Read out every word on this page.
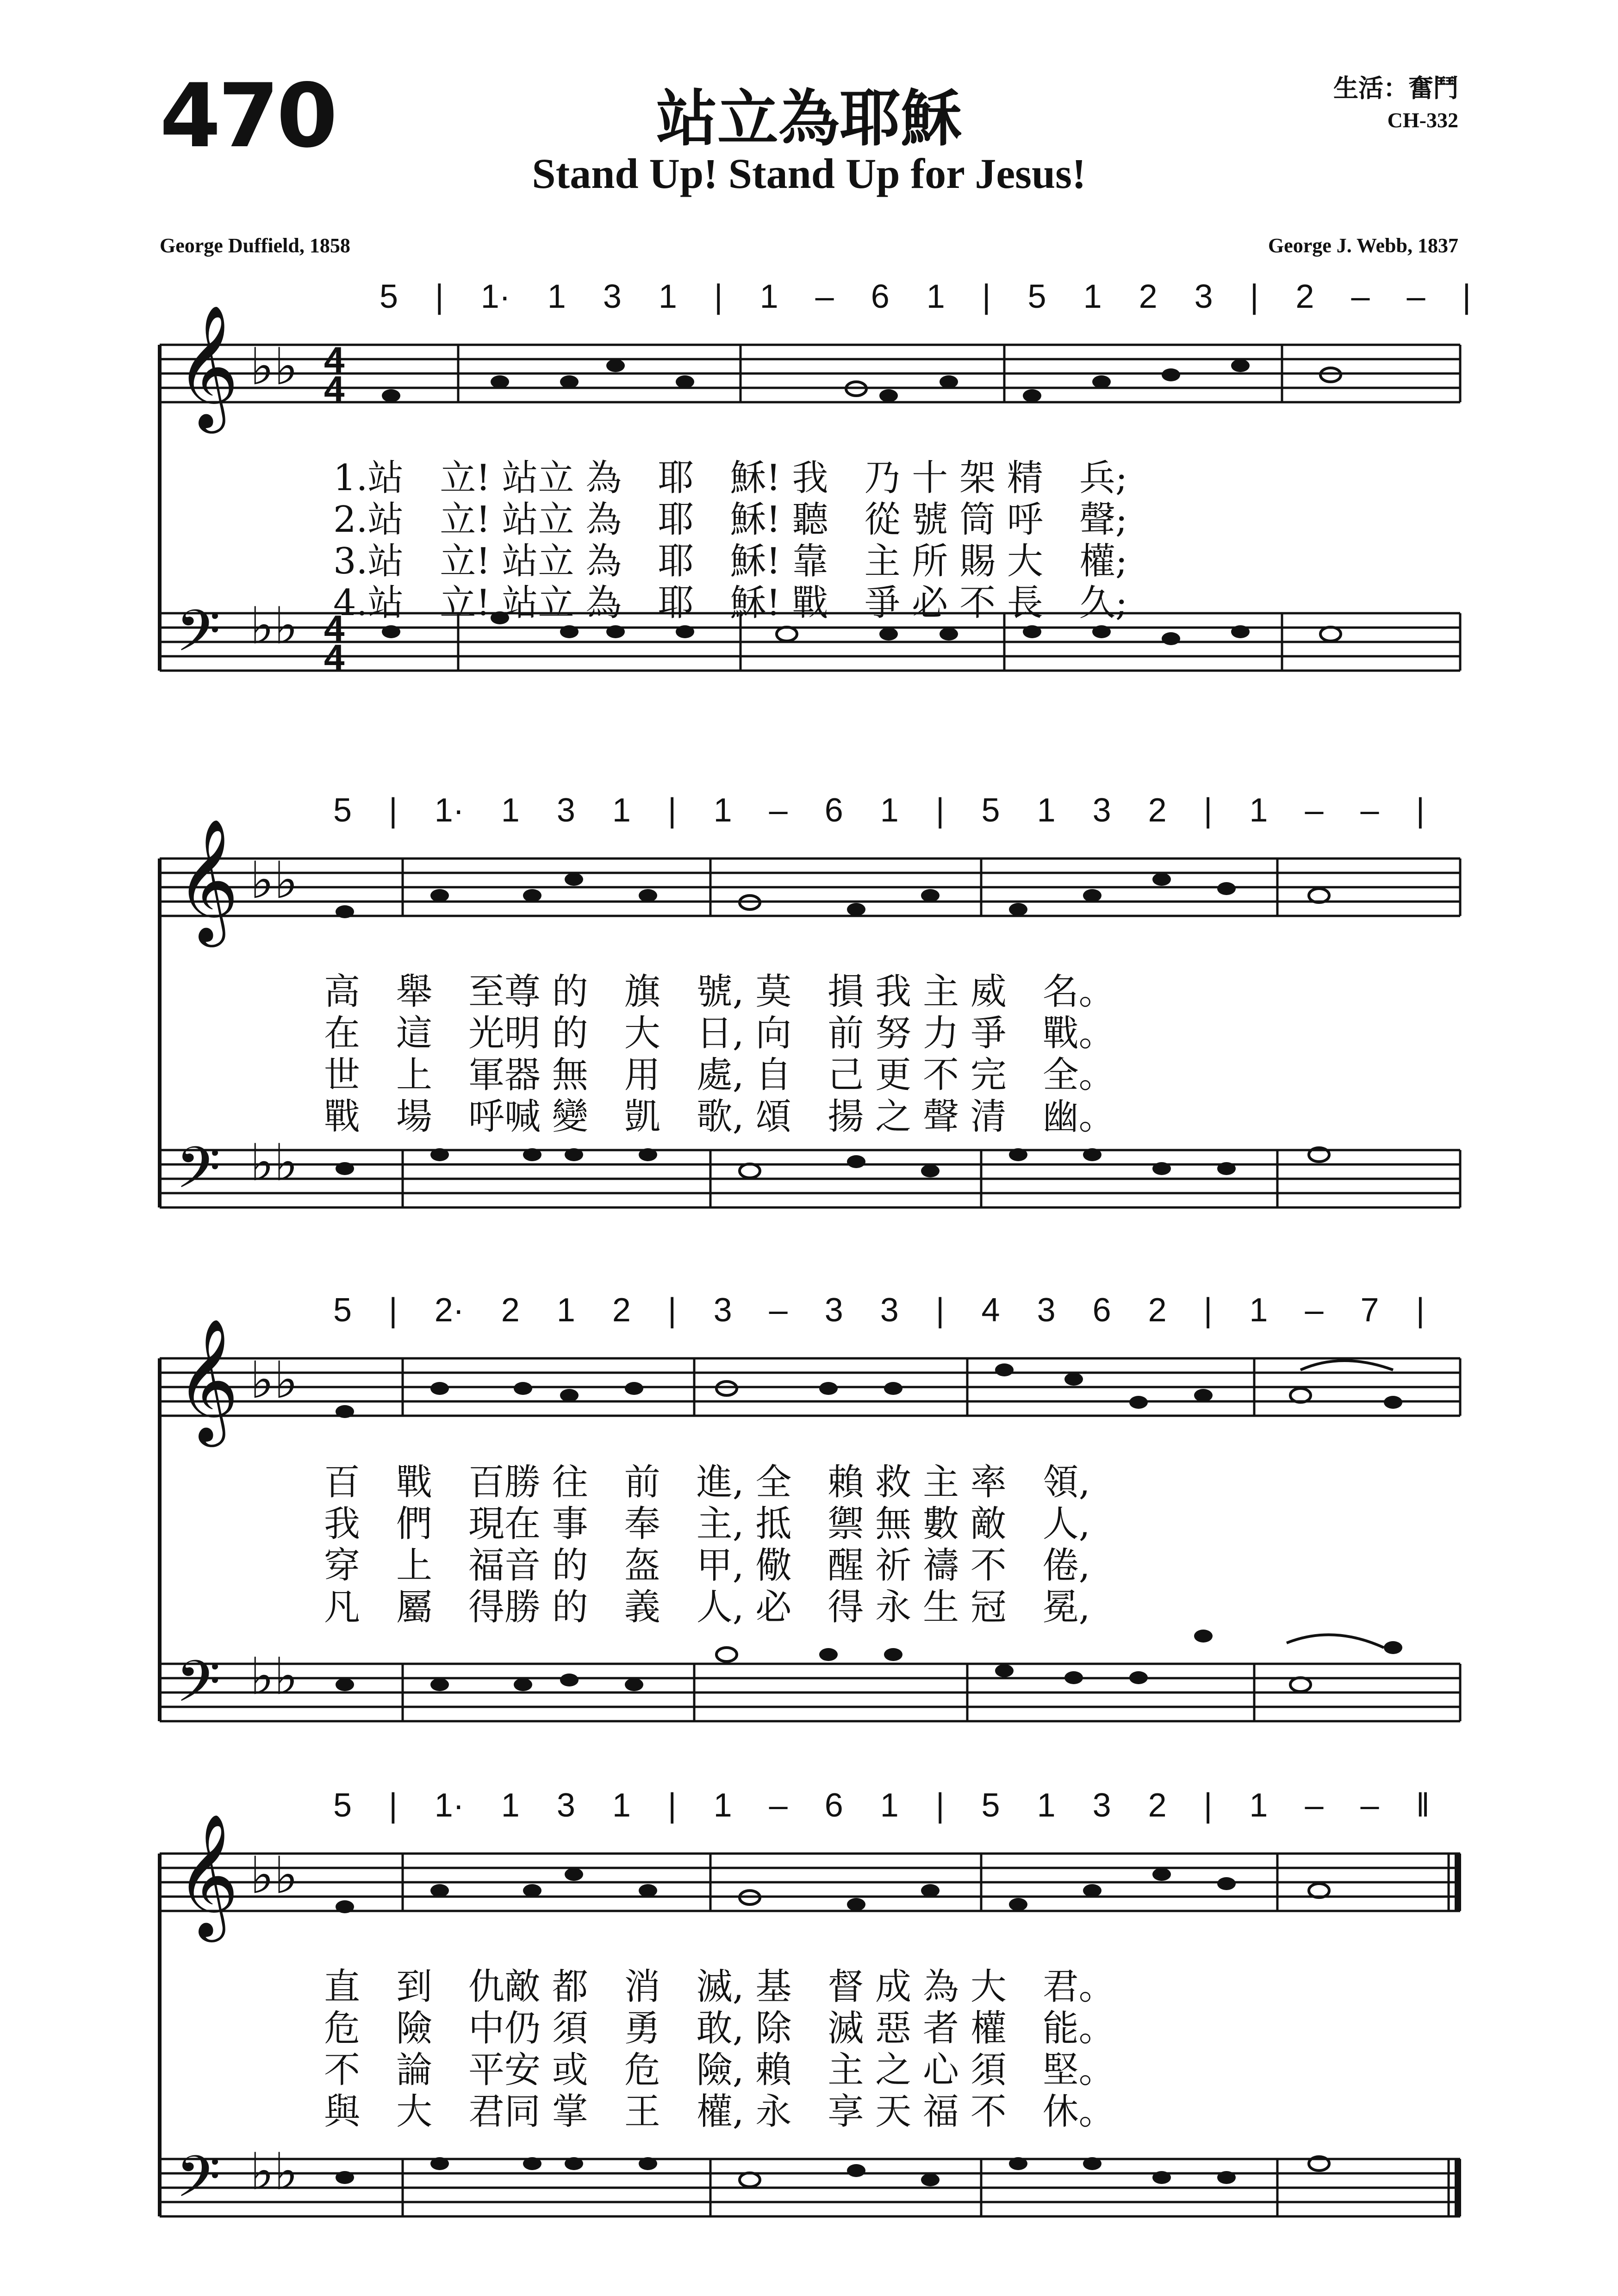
470	站立為耶穌
Stand Up! Stand Up for Jesus!
生活：奮鬥
CH-332
George Duffield, 1858	George J. Webb, 1837
𝄞
𝄢
♭♭
♭♭
4
4
4
4
5 | 1· 1 3 1 | 1 – 6 1 | 5 1 2 3 | 2 – – |
1.站　立! 站立 為　耶　穌! 我　乃 十 架 精　兵;
2.站　立! 站立 為　耶　穌! 聽　從 號 筒 呼　聲;
3.站　立! 站立 為　耶　穌! 靠　主 所 賜 大　權;
4.站　立! 站立 為　耶　穌! 戰　爭 必 不 長　久;
𝄞
𝄢
♭♭
♭♭
5 | 1· 1 3 1 | 1 – 6 1 | 5 1 3 2 | 1 – – |
高　舉　至尊 的　旗　號, 莫　損 我 主 威　名。
在　這　光明 的　大　日, 向　前 努 力 爭　戰。
世　上　軍器 無　用　處, 自　己 更 不 完　全。
戰　場　呼喊 變　凱　歌, 頌　揚 之 聲 清　幽。
𝄞
𝄢
♭♭
♭♭
5 | 2· 2 1 2 | 3 – 3 3 | 4 3 6 2 | 1 – 7 |
百　戰　百勝 往　前　進, 全　賴 救 主 率　領,
我　們　現在 事　奉　主, 抵　禦 無 數 敵　人,
穿　上　福音 的　盔　甲, 儆　醒 祈 禱 不　倦,
凡　屬　得勝 的　義　人, 必　得 永 生 冠　冕,
𝄞
𝄢
♭♭
♭♭
5 | 1· 1 3 1 | 1 – 6 1 | 5 1 3 2 | 1 – – ‖
直　到　仇敵 都　消　滅, 基　督 成 為 大　君。
危　險　中仍 須　勇　敢, 除　滅 惡 者 權　能。
不　論　平安 或　危　險, 賴　主 之 心 須　堅。
與　大　君同 掌　王　權, 永　享 天 福 不　休。
